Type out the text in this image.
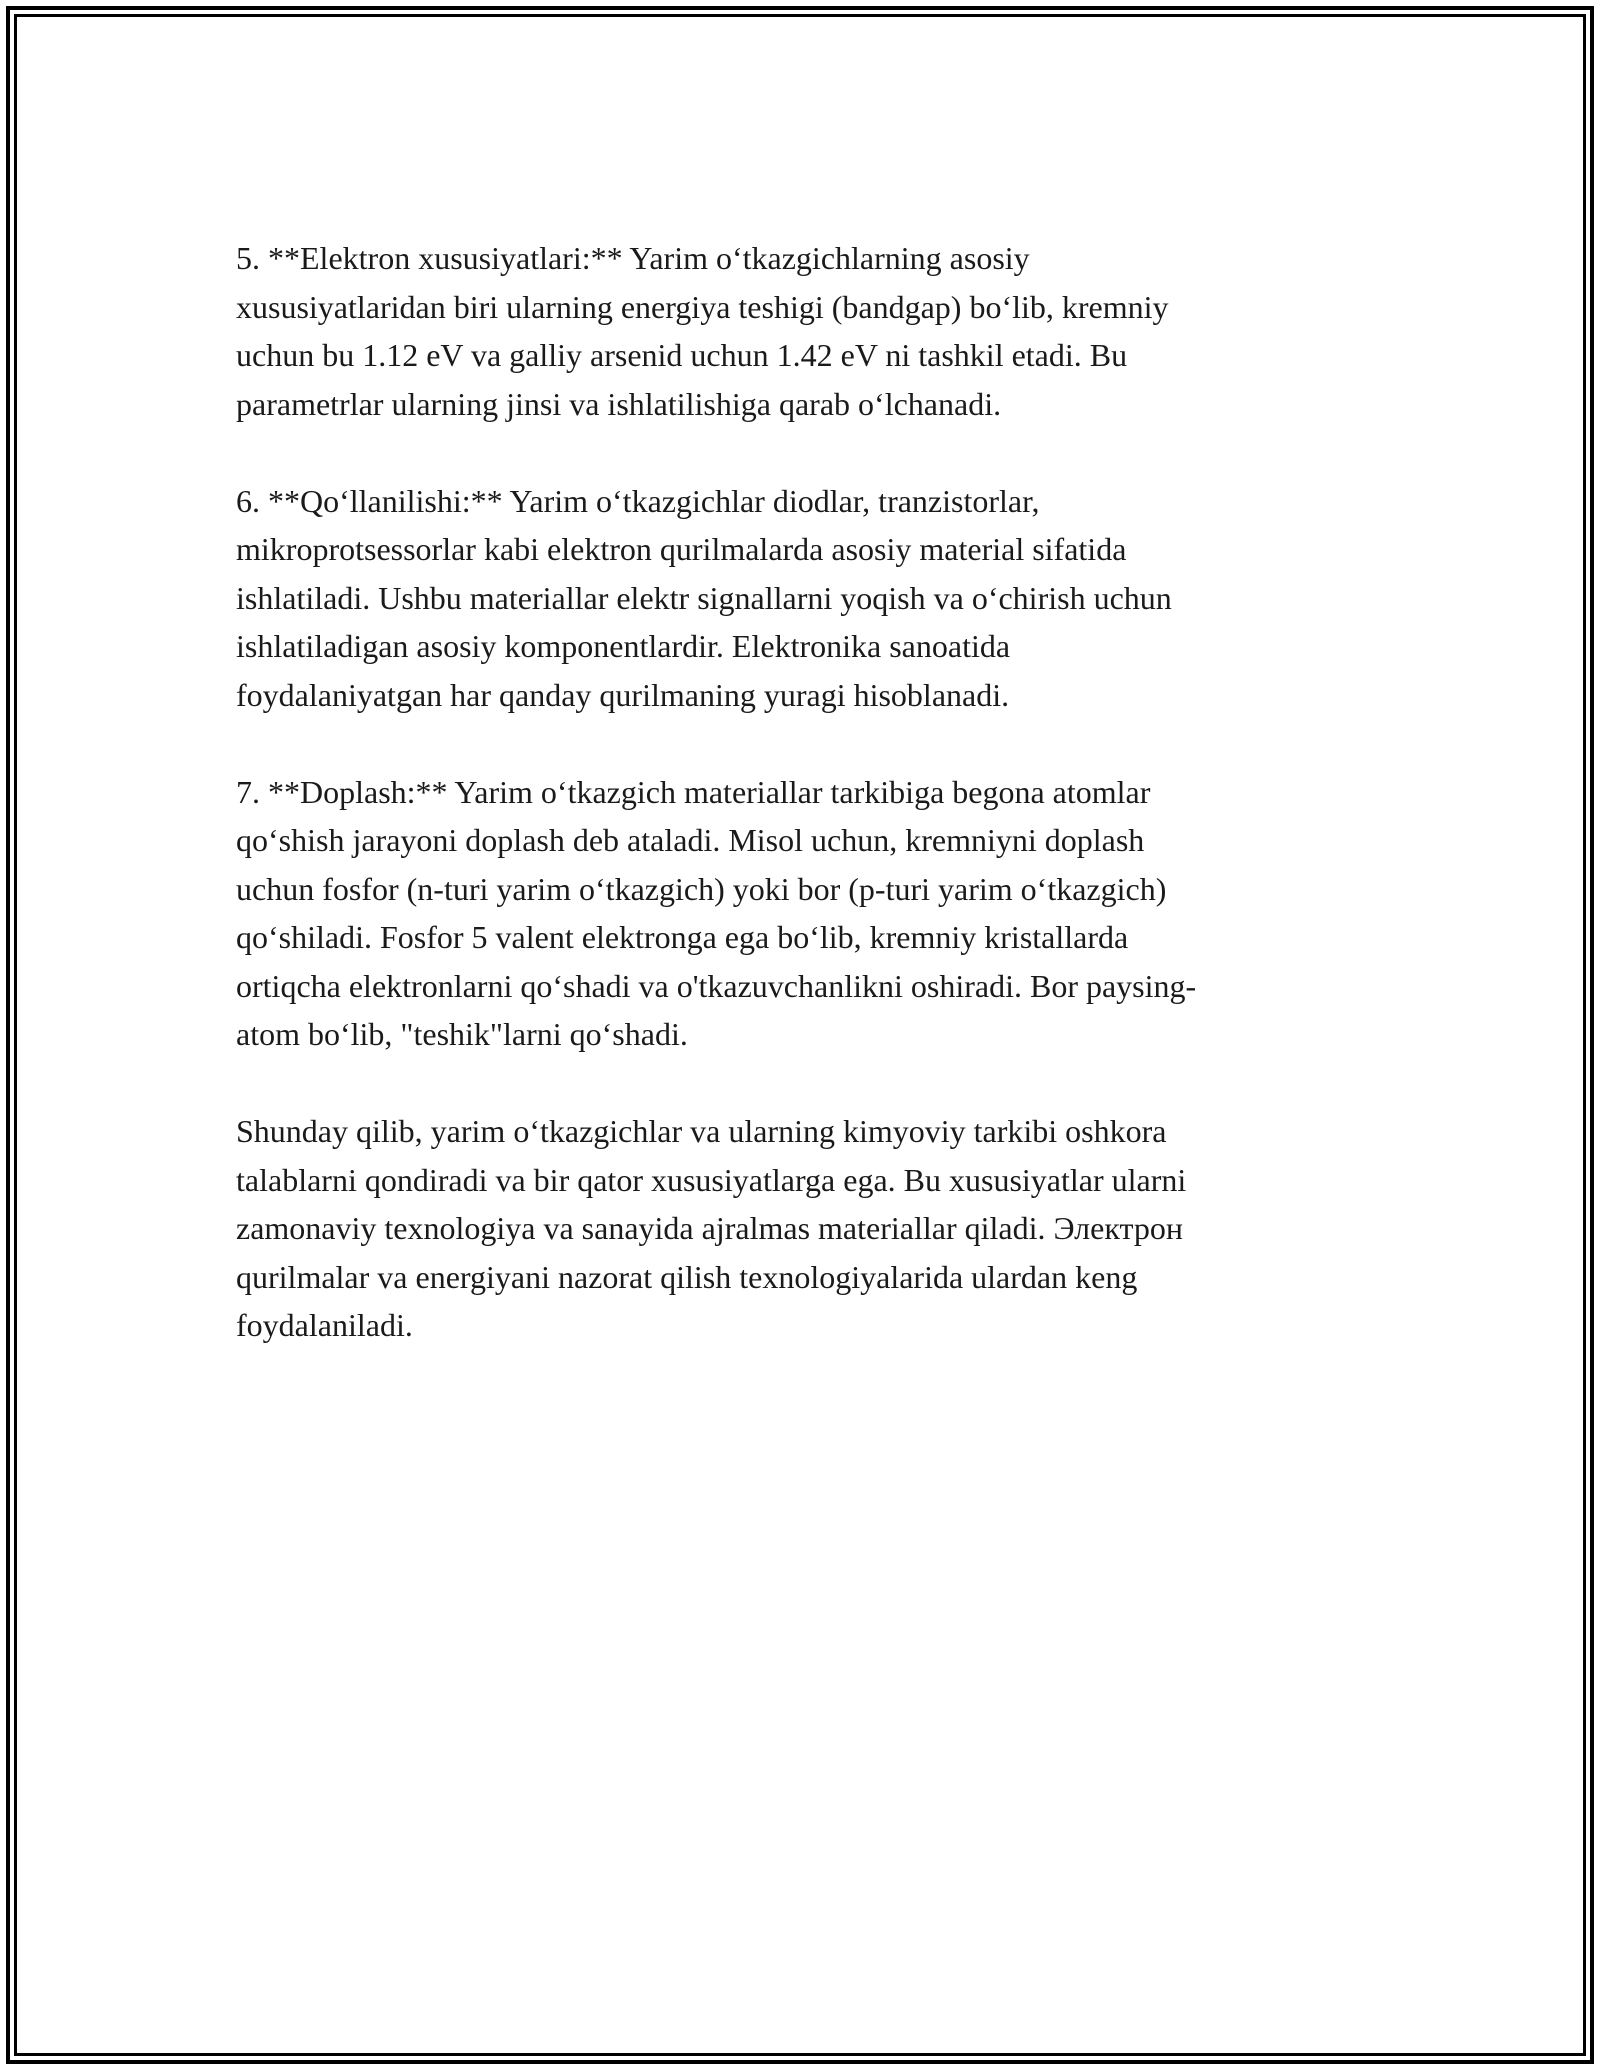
5. **Elektron xususiyatlari:** Yarim o‘tkazgichlarning asosiy
xususiyatlaridan biri ularning energiya teshigi (bandgap) bo‘lib, kremniy
uchun bu 1.12 eV va galliy arsenid uchun 1.42 eV ni tashkil etadi. Bu
parametrlar ularning jinsi va ishlatilishiga qarab o‘lchanadi.

6. **Qo‘llanilishi:** Yarim o‘tkazgichlar diodlar, tranzistorlar,
mikroprotsessorlar kabi elektron qurilmalarda asosiy material sifatida
ishlatiladi. Ushbu materiallar elektr signallarni yoqish va o‘chirish uchun
ishlatiladigan asosiy komponentlardir. Elektronika sanoatida
foydalaniyatgan har qanday qurilmaning yuragi hisoblanadi.

7. **Doplash:** Yarim o‘tkazgich materiallar tarkibiga begona atomlar
qo‘shish jarayoni doplash deb ataladi. Misol uchun, kremniyni doplash
uchun fosfor (n-turi yarim o‘tkazgich) yoki bor (p-turi yarim o‘tkazgich)
qo‘shiladi. Fosfor 5 valent elektronga ega bo‘lib, kremniy kristallarda
ortiqcha elektronlarni qo‘shadi va o'tkazuvchanlikni oshiradi. Bor paysing-
atom bo‘lib, "teshik"larni qo‘shadi.

Shunday qilib, yarim o‘tkazgichlar va ularning kimyoviy tarkibi oshkora
talablarni qondiradi va bir qator xususiyatlarga ega. Bu xususiyatlar ularni
zamonaviy texnologiya va sanayida ajralmas materiallar qiladi. Электрон
qurilmalar va energiyani nazorat qilish texnologiyalarida ulardan keng
foydalaniladi.
